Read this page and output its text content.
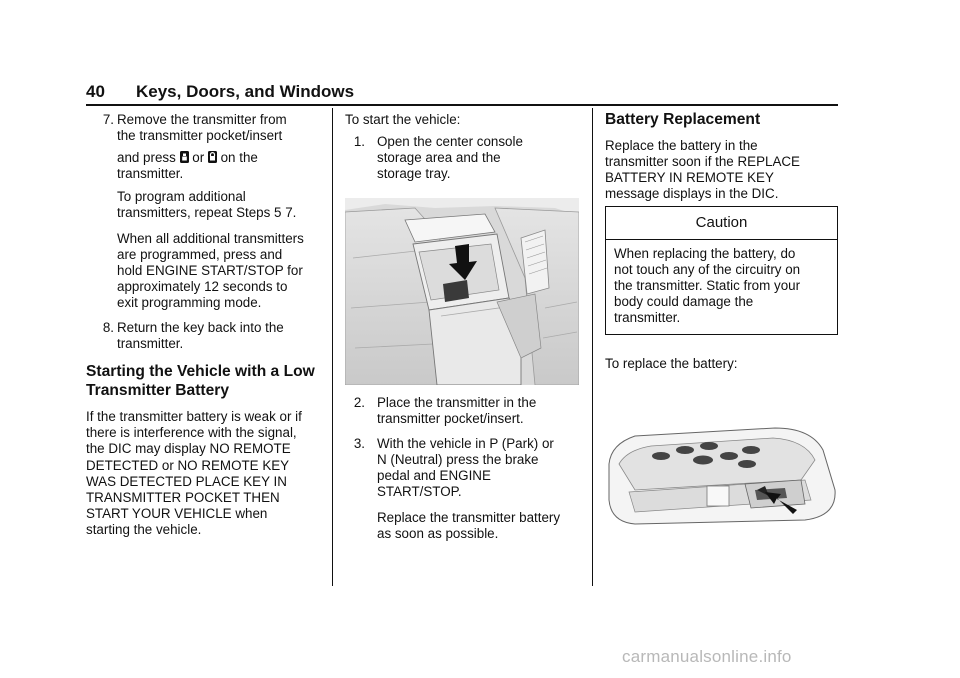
40 Keys, Doors, and Windows
7. Remove the transmitter from

the transmitter pocket/insert

and press  or  on the

transmitter.

To program additional

transmitters, repeat Steps 5 7.

When all additional transmitters

are programmed, press and

hold ENGINE START/STOP for

approximately 12 seconds to

exit programming mode.

8. Return the key back into the

transmitter.

Starting the Vehicle with a Low

Transmitter Battery

If the transmitter battery is weak or if

there is interference with the signal,

the DIC may display NO REMOTE

DETECTED or NO REMOTE KEY

WAS DETECTED PLACE KEY IN

TRANSMITTER POCKET THEN

START YOUR VEHICLE when

starting the vehicle.

To start the vehicle:

1. Open the center console

storage area and the

storage tray.

2. Place the transmitter in the

transmitter pocket/insert.

3. With the vehicle in P (Park) or

N (Neutral) press the brake

pedal and ENGINE

START/STOP.

Replace the transmitter battery

as soon as possible.

Battery Replacement

Replace the battery in the

transmitter soon if the REPLACE

BATTERY IN REMOTE KEY

message displays in the DIC.

Caution

When replacing the battery, do

not touch any of the circuitry on

the transmitter. Static from your

body could damage the

transmitter.

To replace the battery:

carmanualsonline.info
